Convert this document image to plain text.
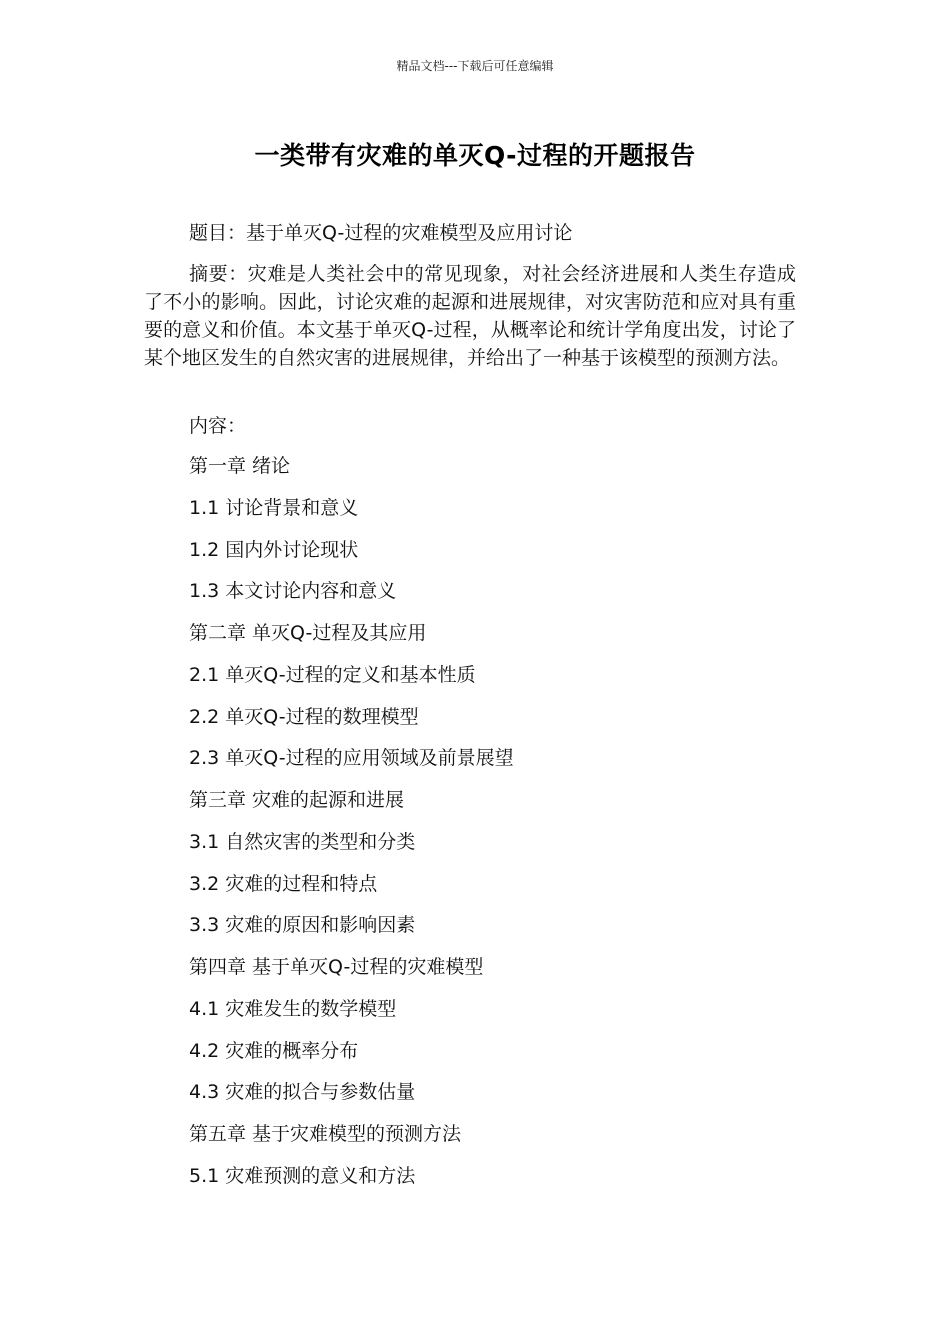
精品文档---下载后可任意编辑
一类带有灾难的单灭Q-过程的开题报告
题目：基于单灭Q-过程的灾难模型及应用讨论
摘要：灾难是人类社会中的常见现象，对社会经济进展和人类生存造成了不小的影响。因此，讨论灾难的起源和进展规律，对灾害防范和应对具有重要的意义和价值。本文基于单灭Q-过程，从概率论和统计学角度出发，讨论了某个地区发生的自然灾害的进展规律，并给出了一种基于该模型的预测方法。
内容：
第一章 绪论
1.1 讨论背景和意义
1.2 国内外讨论现状
1.3 本文讨论内容和意义
第二章 单灭Q-过程及其应用
2.1 单灭Q-过程的定义和基本性质
2.2 单灭Q-过程的数理模型
2.3 单灭Q-过程的应用领域及前景展望
第三章 灾难的起源和进展
3.1 自然灾害的类型和分类
3.2 灾难的过程和特点
3.3 灾难的原因和影响因素
第四章 基于单灭Q-过程的灾难模型
4.1 灾难发生的数学模型
4.2 灾难的概率分布
4.3 灾难的拟合与参数估量
第五章 基于灾难模型的预测方法
5.1 灾难预测的意义和方法
